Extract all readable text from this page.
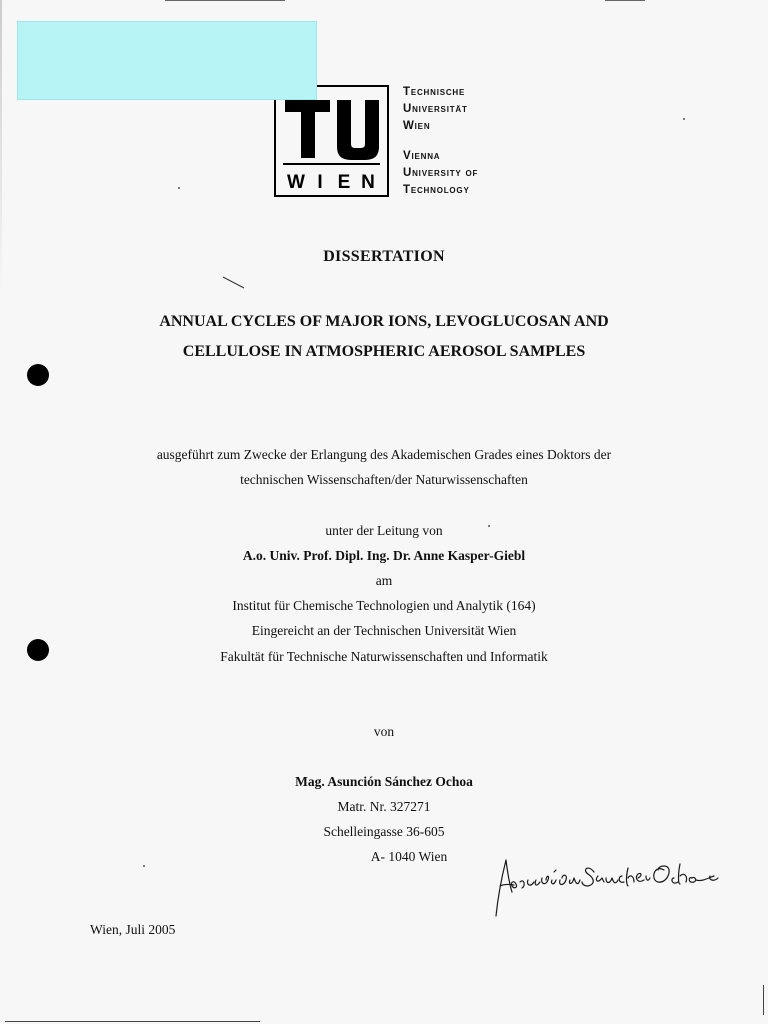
W I E N
Technische
Universität
Wien
Vienna
University of
Technology
DISSERTATION
ANNUAL CYCLES OF MAJOR IONS, LEVOGLUCOSAN AND
CELLULOSE IN ATMOSPHERIC AEROSOL SAMPLES
ausgeführt zum Zwecke der Erlangung des Akademischen Grades eines Doktors der
technischen Wissenschaften/der Naturwissenschaften
unter der Leitung von
A.o. Univ. Prof. Dipl. Ing. Dr. Anne Kasper-Giebl
am
Institut für Chemische Technologien und Analytik (164)
Eingereicht an der Technischen Universität Wien
Fakultät für Technische Naturwissenschaften und Informatik
von
Mag. Asunción Sánchez Ochoa
Matr. Nr. 327271
Schelleingasse 36-605
A- 1040 Wien
Wien, Juli 2005
